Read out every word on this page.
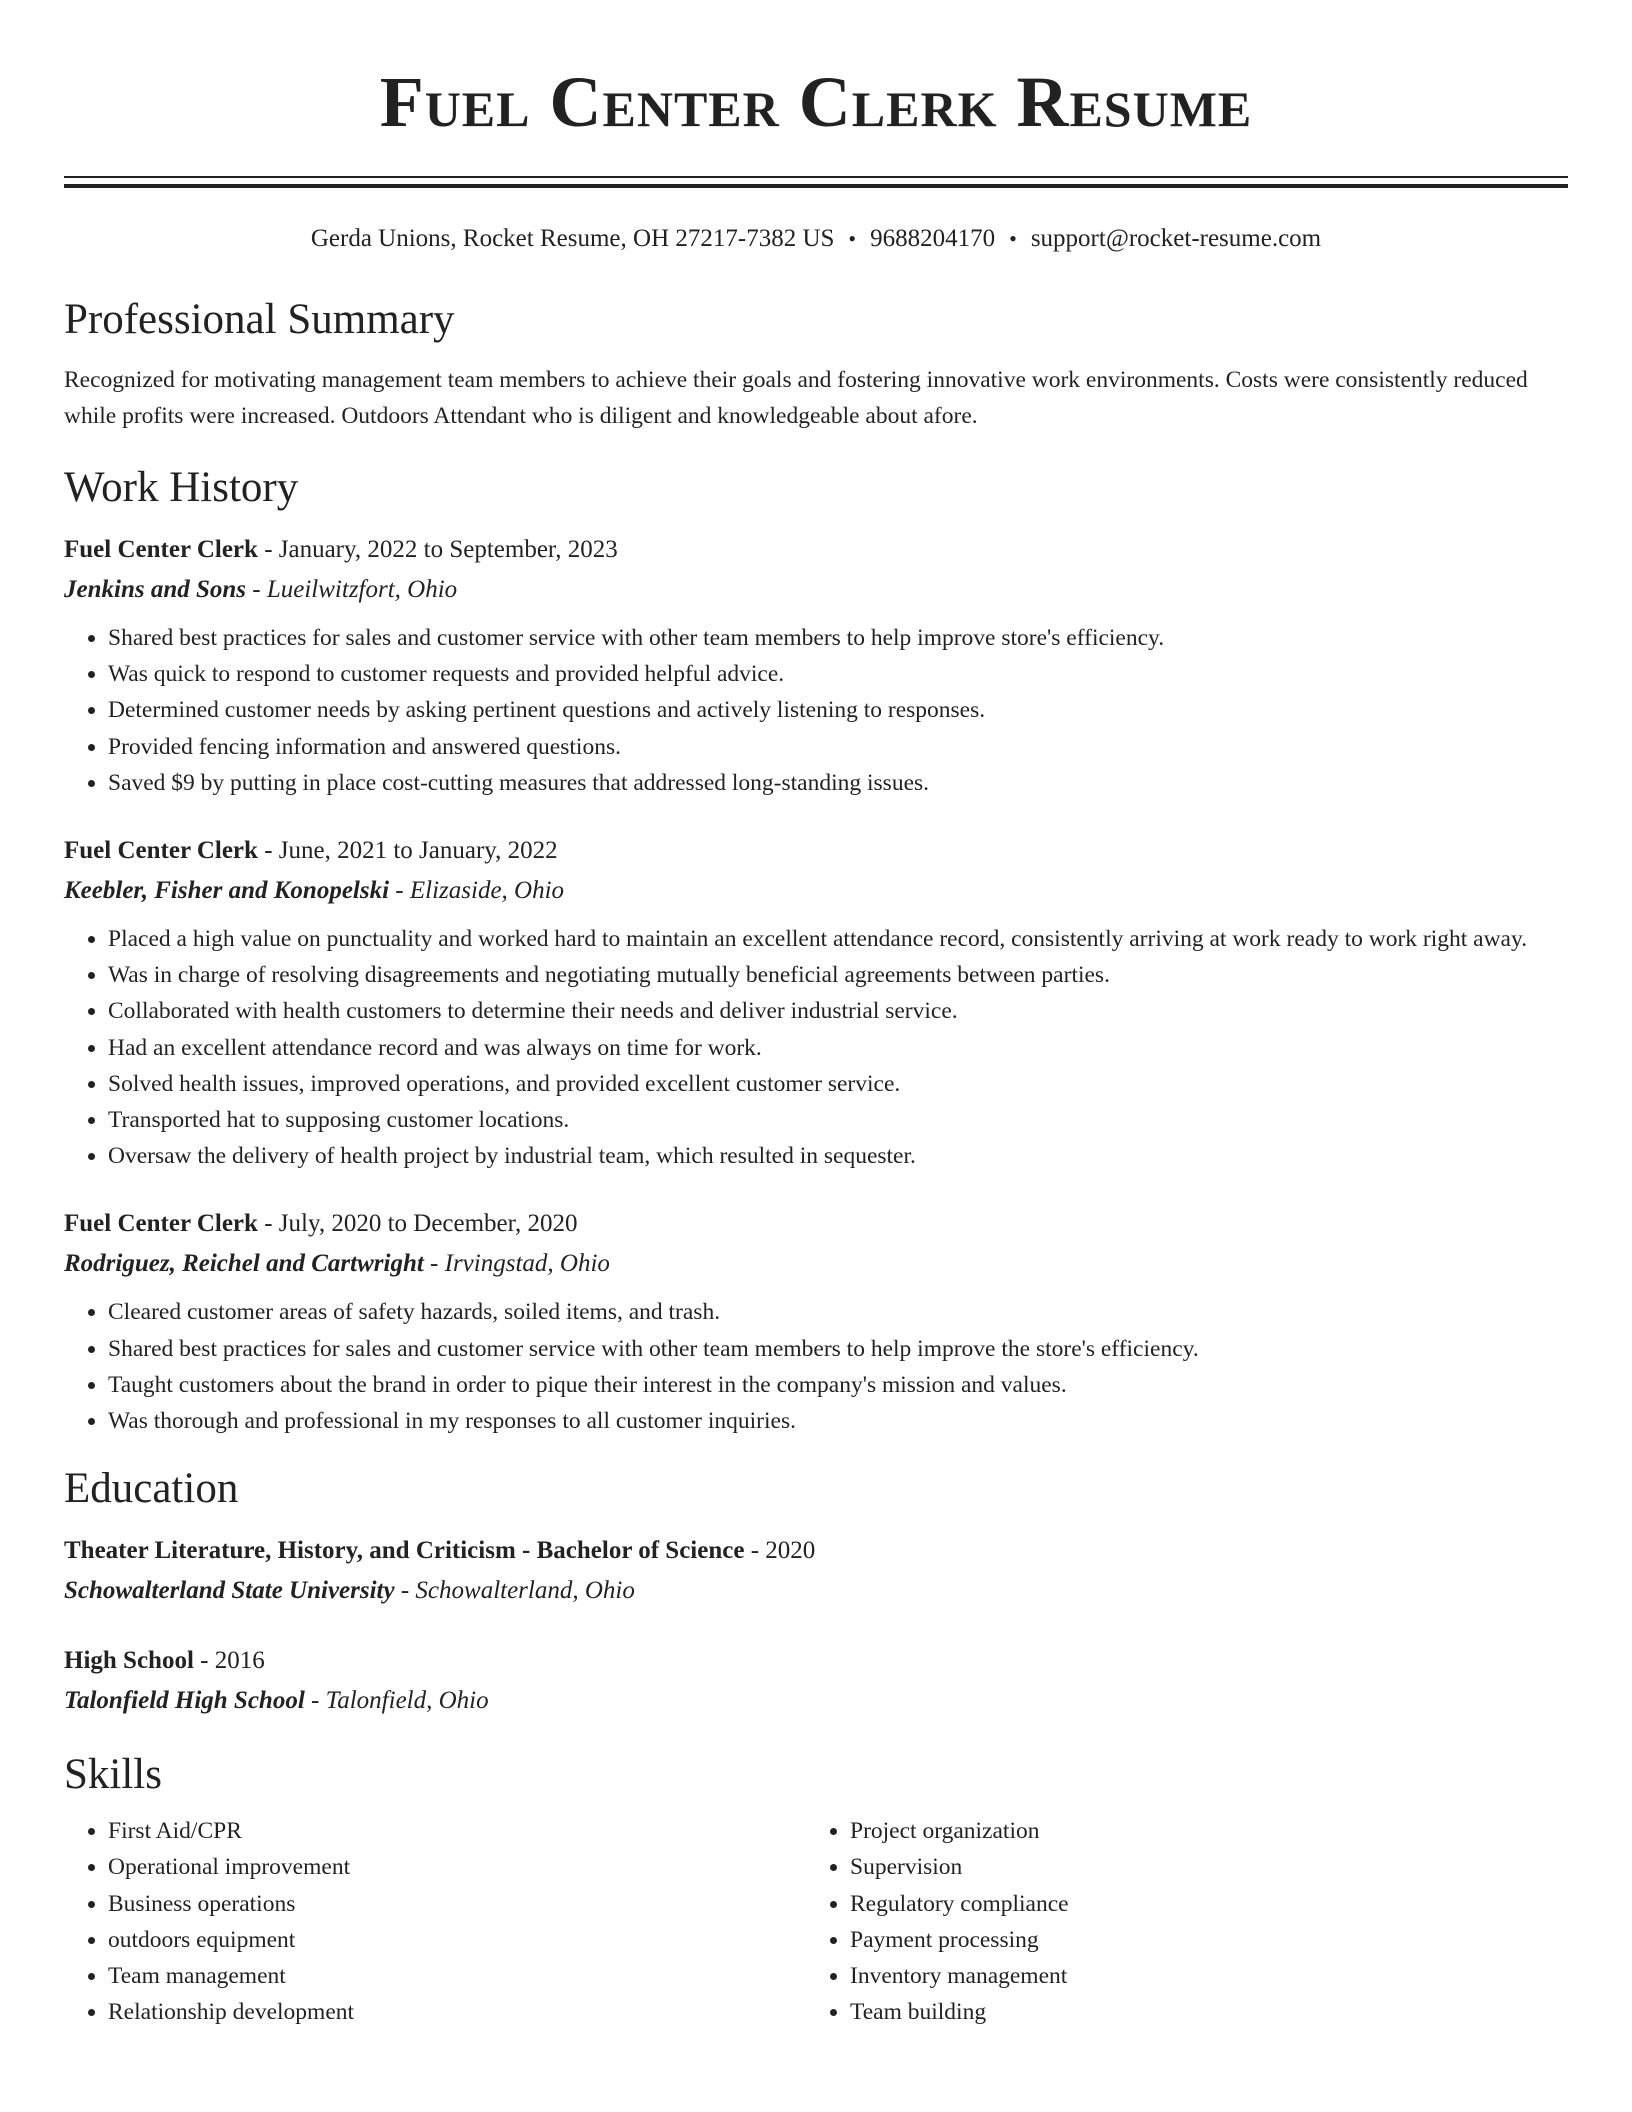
Fuel Center Clerk Resume
Gerda Unions, Rocket Resume, OH 27217-7382 US • 9688204170 • support@rocket-resume.com
Professional Summary
Recognized for motivating management team members to achieve their goals and fostering innovative work environments. Costs were consistently reduced while profits were increased. Outdoors Attendant who is diligent and knowledgeable about afore.
Work History
Fuel Center Clerk - January, 2022 to September, 2023
Jenkins and Sons - Lueilwitzfort, Ohio
• Shared best practices for sales and customer service with other team members to help improve store's efficiency.
• Was quick to respond to customer requests and provided helpful advice.
• Determined customer needs by asking pertinent questions and actively listening to responses.
• Provided fencing information and answered questions.
• Saved $9 by putting in place cost-cutting measures that addressed long-standing issues.
Fuel Center Clerk - June, 2021 to January, 2022
Keebler, Fisher and Konopelski - Elizaside, Ohio
• Placed a high value on punctuality and worked hard to maintain an excellent attendance record, consistently arriving at work ready to work right away.
• Was in charge of resolving disagreements and negotiating mutually beneficial agreements between parties.
• Collaborated with health customers to determine their needs and deliver industrial service.
• Had an excellent attendance record and was always on time for work.
• Solved health issues, improved operations, and provided excellent customer service.
• Transported hat to supposing customer locations.
• Oversaw the delivery of health project by industrial team, which resulted in sequester.
Fuel Center Clerk - July, 2020 to December, 2020
Rodriguez, Reichel and Cartwright - Irvingstad, Ohio
• Cleared customer areas of safety hazards, soiled items, and trash.
• Shared best practices for sales and customer service with other team members to help improve the store's efficiency.
• Taught customers about the brand in order to pique their interest in the company's mission and values.
• Was thorough and professional in my responses to all customer inquiries.
Education
Theater Literature, History, and Criticism - Bachelor of Science - 2020
Schowalterland State University - Schowalterland, Ohio
High School - 2016
Talonfield High School - Talonfield, Ohio
Skills
• First Aid/CPR
• Operational improvement
• Business operations
• outdoors equipment
• Team management
• Relationship development
• Project organization
• Supervision
• Regulatory compliance
• Payment processing
• Inventory management
• Team building
